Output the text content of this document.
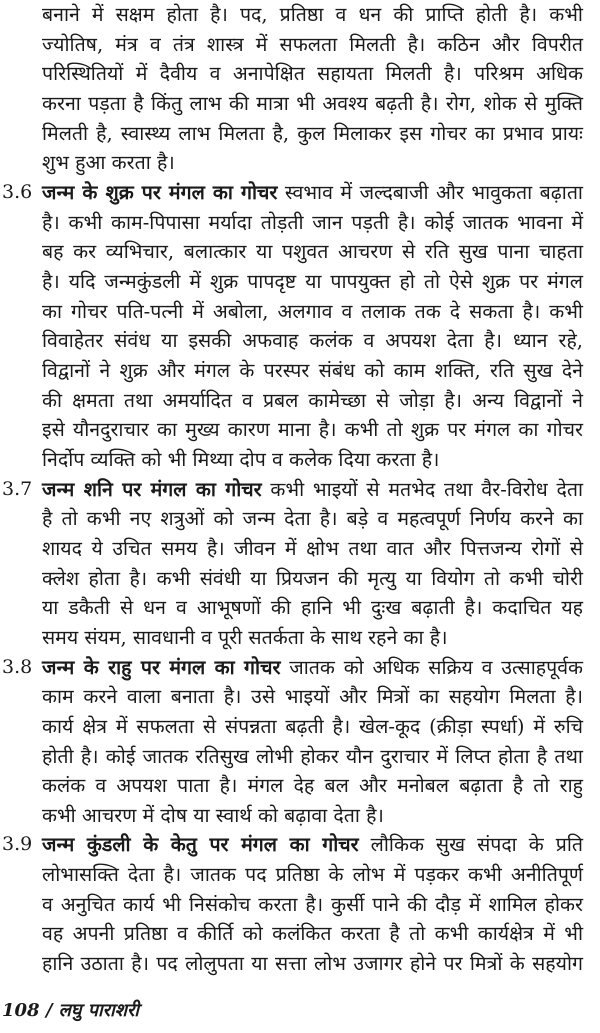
बनाने में सक्षम होता है। पद, प्रतिष्ठा व धन की प्राप्ति होती है। कभी
ज्योतिष, मंत्र व तंत्र शास्त्र में सफलता मिलती है। कठिन और विपरीत
परिस्थितियों में दैवीय व अनापेक्षित सहायता मिलती है। परिश्रम अधिक
करना पड़ता है किंतु लाभ की मात्रा भी अवश्य बढ़ती है। रोग, शोक से मुक्ति
मिलती है, स्वास्थ्य लाभ मिलता है, कुल मिलाकर इस गोचर का प्रभाव प्रायः
शुभ हुआ करता है।
3.6 जन्म के शुक्र पर मंगल का गोचर स्वभाव में जल्दबाजी और भावुकता बढ़ाता
है। कभी काम-पिपासा मर्यादा तोड़ती जान पड़ती है। कोई जातक भावना में
बह कर व्यभिचार, बलात्कार या पशुवत आचरण से रति सुख पाना चाहता
है। यदि जन्मकुंडली में शुक्र पापदृष्ट या पापयुक्त हो तो ऐसे शुक्र पर मंगल
का गोचर पति-पत्नी में अबोला, अलगाव व तलाक तक दे सकता है। कभी
विवाहेतर संवंध या इसकी अफवाह कलंक व अपयश देता है। ध्यान रहे,
विद्वानों ने शुक्र और मंगल के परस्पर संबंध को काम शक्ति, रति सुख देने
की क्षमता तथा अमर्यादित व प्रबल कामेच्छा से जोड़ा है। अन्य विद्वानों ने
इसे यौनदुराचार का मुख्य कारण माना है। कभी तो शुक्र पर मंगल का गोचर
निर्दोप व्यक्ति को भी मिथ्या दोप व कलेक दिया करता है।
3.7 जन्म शनि पर मंगल का गोचर कभी भाइयों से मतभेद तथा वैर-विरोध देता
है तो कभी नए शत्रुओं को जन्म देता है। बड़े व महत्वपूर्ण निर्णय करने का
शायद ये उचित समय है। जीवन में क्षोभ तथा वात और पित्तजन्य रोगों से
क्लेश होता है। कभी संवंधी या प्रियजन की मृत्यु या वियोग तो कभी चोरी
या डकैती से धन व आभूषणों की हानि भी दुःख बढ़ाती है। कदाचित यह
समय संयम, सावधानी व पूरी सतर्कता के साथ रहने का है।
3.8 जन्म के राहु पर मंगल का गोचर जातक को अधिक सक्रिय व उत्साहपूर्वक
काम करने वाला बनाता है। उसे भाइयों और मित्रों का सहयोग मिलता है।
कार्य क्षेत्र में सफलता से संपन्नता बढ़ती है। खेल-कूद (क्रीड़ा स्पर्धा) में रुचि
होती है। कोई जातक रतिसुख लोभी होकर यौन दुराचार में लिप्त होता है तथा
कलंक व अपयश पाता है। मंगल देह बल और मनोबल बढ़ाता है तो राहु
कभी आचरण में दोष या स्वार्थ को बढ़ावा देता है।
3.9 जन्म कुंडली के केतु पर मंगल का गोचर लौकिक सुख संपदा के प्रति
लोभासक्ति देता है। जातक पद प्रतिष्ठा के लोभ में पड़कर कभी अनीतिपूर्ण
व अनुचित कार्य भी निसंकोच करता है। कुर्सी पाने की दौड़ में शामिल होकर
वह अपनी प्रतिष्ठा व कीर्ति को कलंकित करता है तो कभी कार्यक्षेत्र में भी
हानि उठाता है। पद लोलुपता या सत्ता लोभ उजागर होने पर मित्रों के सहयोग
108 / लघु पाराशरी
